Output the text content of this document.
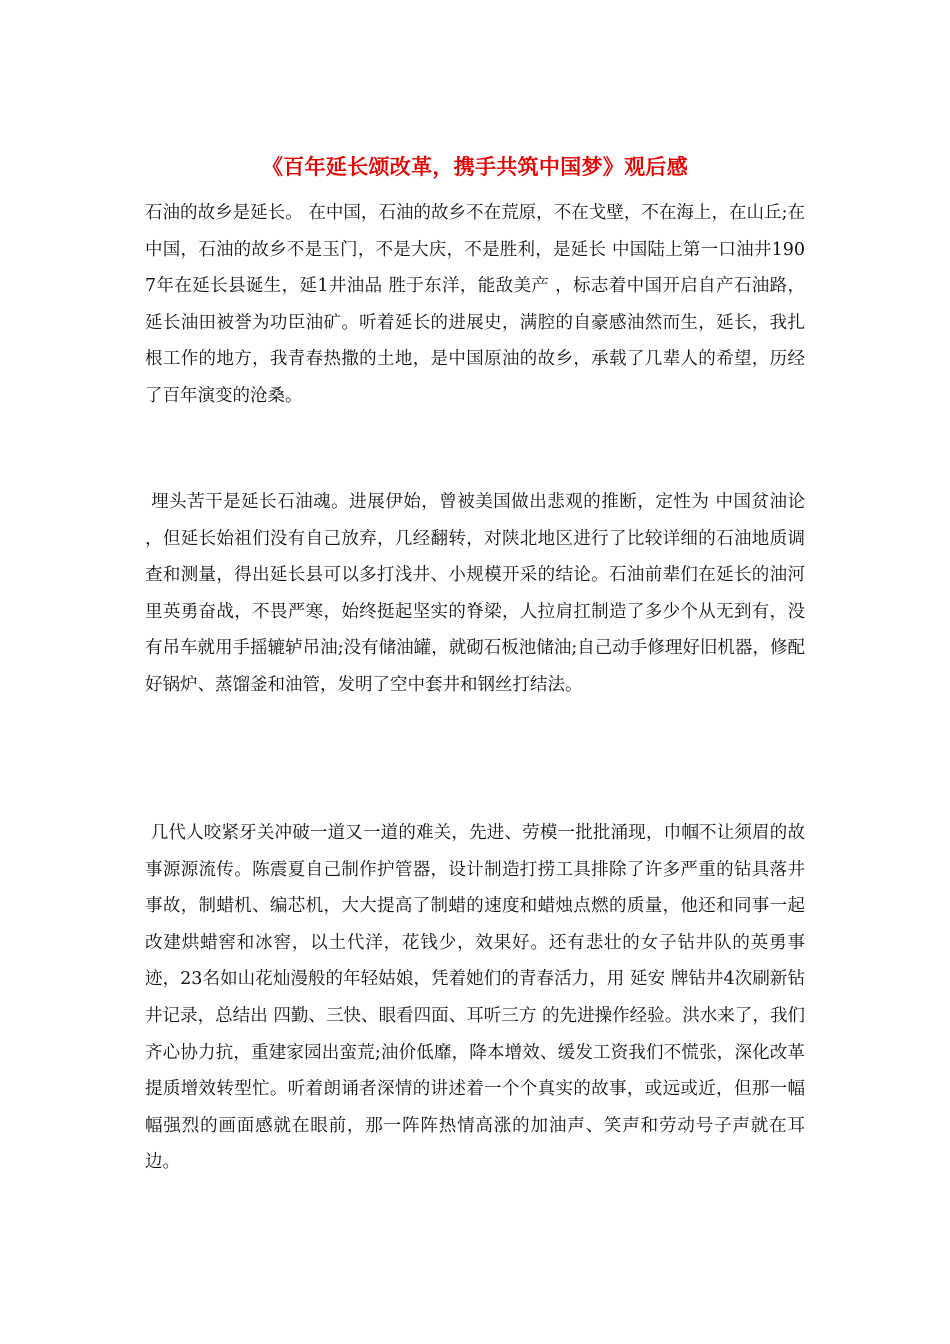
《百年延长颂改革，携手共筑中国梦》观后感
石油的故乡是延长。 在中国，石油的故乡不在荒原，不在戈壁，不在海上，在山丘;在中国，石油的故乡不是玉门，不是大庆，不是胜利，是延长 中国陆上第一口油井1907年在延长县诞生，延1井油品 胜于东洋，能敌美产 ，标志着中国开启自产石油路，延长油田被誉为功臣油矿。听着延长的进展史，满腔的自豪感油然而生，延长，我扎根工作的地方，我青春热撒的土地，是中国原油的故乡，承载了几辈人的希望，历经了百年演变的沧桑。
埋头苦干是延长石油魂。进展伊始，曾被美国做出悲观的推断，定性为 中国贫油论 ，但延长始祖们没有自己放弃，几经翻转，对陕北地区进行了比较详细的石油地质调查和测量，得出延长县可以多打浅井、小规模开采的结论。石油前辈们在延长的油河里英勇奋战，不畏严寒，始终挺起坚实的脊梁，人拉肩扛制造了多少个从无到有，没有吊车就用手摇辘轳吊油;没有储油罐，就砌石板池储油;自己动手修理好旧机器，修配好锅炉、蒸馏釜和油管，发明了空中套井和钢丝打结法。
几代人咬紧牙关冲破一道又一道的难关，先进、劳模一批批涌现，巾帼不让须眉的故事源源流传。陈震夏自己制作护管器，设计制造打捞工具排除了许多严重的钻具落井事故，制蜡机、编芯机，大大提高了制蜡的速度和蜡烛点燃的质量，他还和同事一起改建烘蜡窖和冰窖，以土代洋，花钱少，效果好。还有悲壮的女子钻井队的英勇事迹，23名如山花灿漫般的年轻姑娘，凭着她们的青春活力，用 延安 牌钻井4次刷新钻井记录，总结出 四勤、三快、眼看四面、耳听三方 的先进操作经验。洪水来了，我们齐心协力抗，重建家园出蛮荒;油价低靡，降本增效、缓发工资我们不慌张，深化改革提质增效转型忙。听着朗诵者深情的讲述着一个个真实的故事，或远或近，但那一幅幅强烈的画面感就在眼前，那一阵阵热情高涨的加油声、笑声和劳动号子声就在耳边。
